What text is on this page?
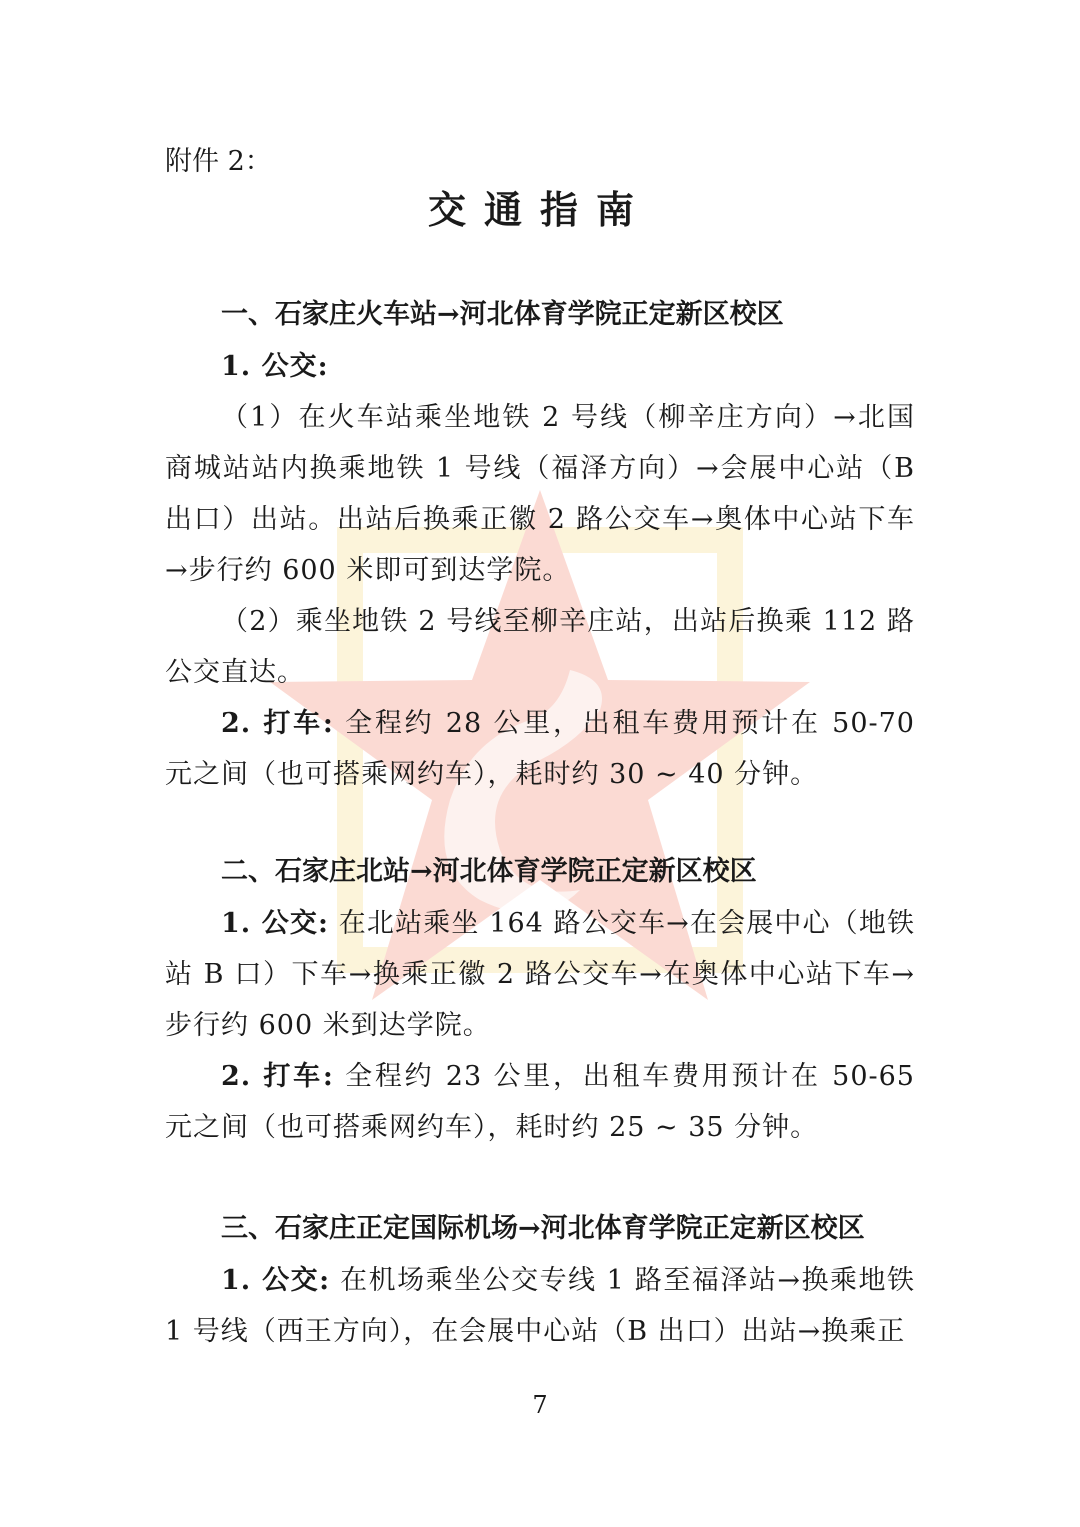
附件 2：
交通指南
一、石家庄火车站→河北体育学院正定新区校区

1. 公交:

（1）在火车站乘坐地铁 2 号线（柳辛庄方向）→北国商城站站内换乘地铁 1 号线（福泽方向）→会展中心站（B 出口）出站。出站后换乘正徽 2 路公交车→奥体中心站下车→步行约 600 米即可到达学院。

（2）乘坐地铁 2 号线至柳辛庄站，出站后换乘 112 路公交直达。

2. 打车: 全程约 28 公里，出租车费用预计在 50-70 元之间（也可搭乘网约车），耗时约 30 ~ 40 分钟。

二、石家庄北站→河北体育学院正定新区校区

1. 公交: 在北站乘坐 164 路公交车→在会展中心（地铁站 B 口）下车→换乘正徽 2 路公交车→在奥体中心站下车→步行约 600 米到达学院。

2. 打车: 全程约 23 公里，出租车费用预计在 50-65 元之间（也可搭乘网约车），耗时约 25 ~ 35 分钟。

三、石家庄正定国际机场→河北体育学院正定新区校区

1. 公交: 在机场乘坐公交专线 1 路至福泽站→换乘地铁 1 号线（西王方向），在会展中心站（B 出口）出站→换乘正

7
